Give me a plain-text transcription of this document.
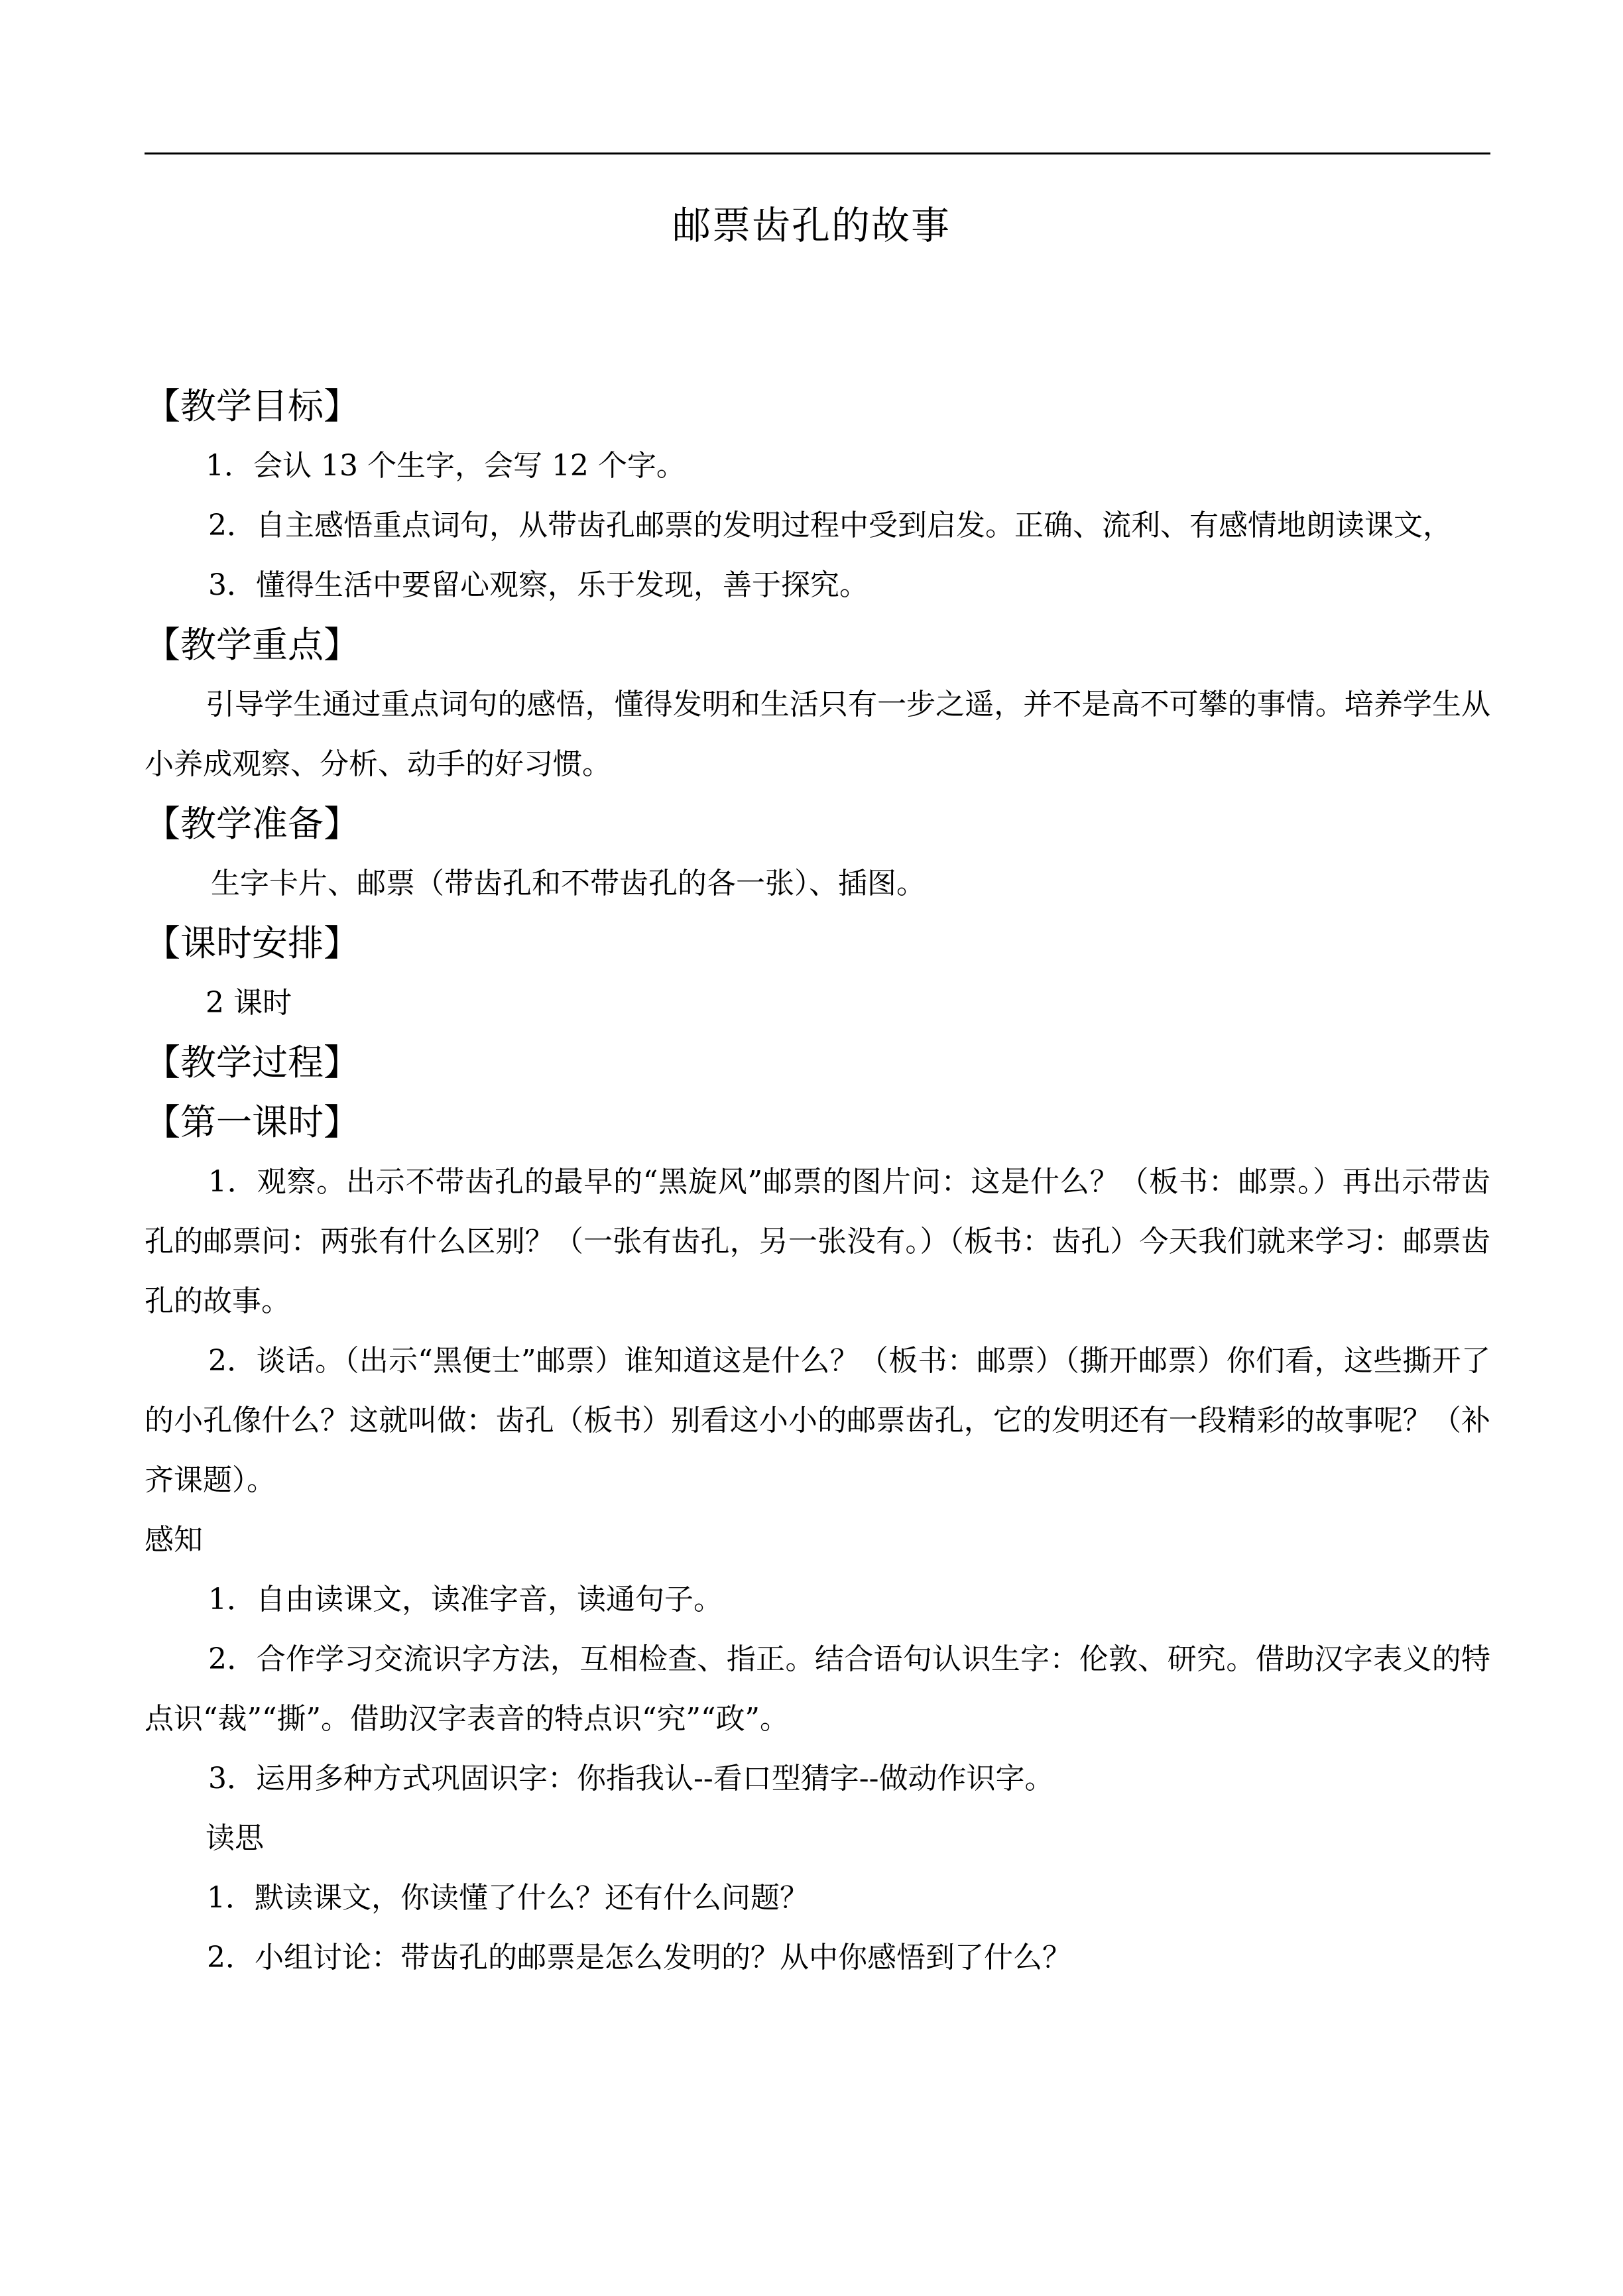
邮票齿孔的故事
【教学目标】

1．会认 13 个生字，会写 12 个字。

2．自主感悟重点词句，从带齿孔邮票的发明过程中受到启发。正确、流利、有感情地朗读课文，

3．懂得生活中要留心观察，乐于发现，善于探究。

【教学重点】

引导学生通过重点词句的感悟，懂得发明和生活只有一步之遥，并不是高不可攀的事情。培养学生从小养成观察、分析、动手的好习惯。

【教学准备】

生字卡片、邮票（带齿孔和不带齿孔的各一张）、插图。

【课时安排】

2 课时

【教学过程】
【第一课时】

1．观察。出示不带齿孔的最早的“黑旋风”邮票的图片问：这是什么？（板书：邮票。）再出示带齿孔的邮票问：两张有什么区别？（一张有齿孔，另一张没有。）（板书：齿孔）今天我们就来学习：邮票齿孔的故事。

2．谈话。（出示“黑便士”邮票）谁知道这是什么？（板书：邮票）（撕开邮票）你们看，这些撕开了的小孔像什么？这就叫做：齿孔（板书）别看这小小的邮票齿孔，它的发明还有一段精彩的故事呢？（补齐课题）。

感知

1．自由读课文，读准字音，读通句子。

2．合作学习交流识字方法，互相检查、指正。结合语句认识生字：伦敦、研究。借助汉字表义的特点识“裁”“撕”。借助汉字表音的特点识“究”“政”。

3．运用多种方式巩固识字：你指我认--看口型猜字--做动作识字。

读思

1．默读课文，你读懂了什么？还有什么问题？

2．小组讨论：带齿孔的邮票是怎么发明的？从中你感悟到了什么？
